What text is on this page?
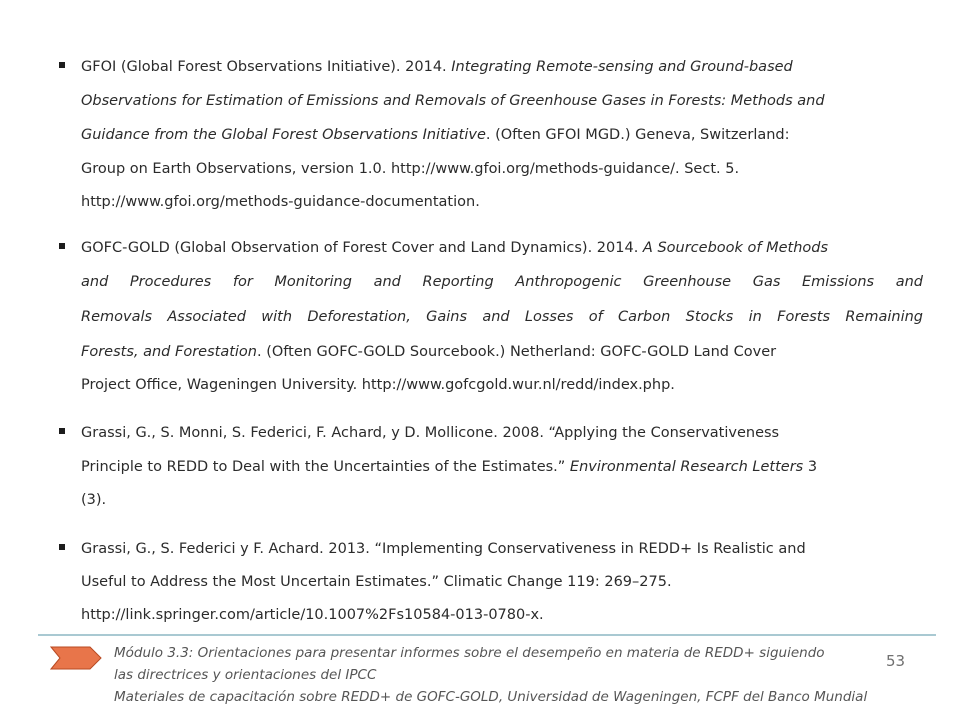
GFOI (Global Forest Observations Initiative). 2014. Integrating Remote-sensing and Ground-based
Observations for Estimation of Emissions and Removals of Greenhouse Gases in Forests: Methods and
Guidance from the Global Forest Observations Initiative. (Often GFOI MGD.) Geneva, Switzerland:
Group on Earth Observations, version 1.0. http://www.gfoi.org/methods-guidance/. Sect. 5.
http://www.gfoi.org/methods-guidance-documentation.
GOFC-GOLD (Global Observation of Forest Cover and Land Dynamics). 2014. A Sourcebook of Methods
and Procedures for Monitoring and Reporting Anthropogenic Greenhouse Gas Emissions and
Removals Associated with Deforestation, Gains and Losses of Carbon Stocks in Forests Remaining
Forests, and Forestation. (Often GOFC-GOLD Sourcebook.) Netherland: GOFC-GOLD Land Cover
Project Office, Wageningen University. http://www.gofcgold.wur.nl/redd/index.php.
Grassi, G., S. Monni, S. Federici, F. Achard, y D. Mollicone. 2008. “Applying the Conservativeness
Principle to REDD to Deal with the Uncertainties of the Estimates.” Environmental Research Letters 3
(3).
Grassi, G., S. Federici y F. Achard. 2013. “Implementing Conservativeness in REDD+ Is Realistic and
Useful to Address the Most Uncertain Estimates.” Climatic Change 119: 269–275.
http://link.springer.com/article/10.1007%2Fs10584-013-0780-x.
Módulo 3.3: Orientaciones para presentar informes sobre el desempeño en materia de REDD+ siguiendo
las directrices y orientaciones del IPCC
Materiales de capacitación sobre REDD+ de GOFC-GOLD, Universidad de Wageningen, FCPF del Banco Mundial
53
